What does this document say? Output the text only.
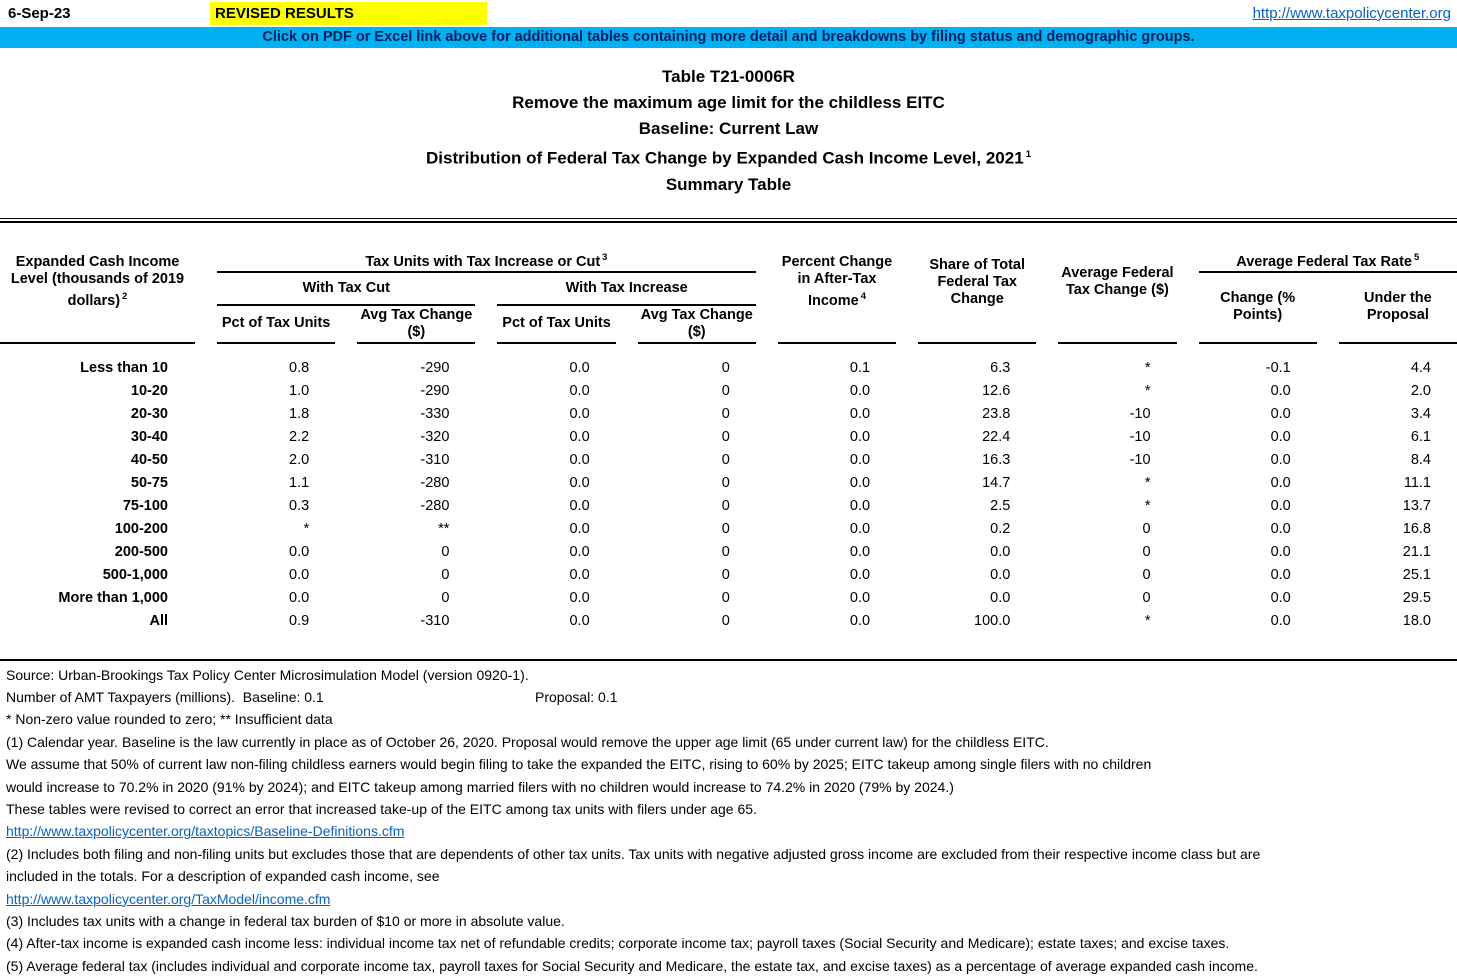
6-Sep-23	REVISED RESULTS	http://www.taxpolicycenter.org
Click on PDF or Excel link above for additional tables containing more detail and breakdowns by filing status and demographic groups.
Table T21-0006R
Remove the maximum age limit for the childless EITC
Baseline: Current Law
Distribution of Federal Tax Change by Expanded Cash Income Level, 2021 $^1$
Summary Table
Expanded Cash Income Level (thousands of 2019 dollars) $^2$	Tax Units with Tax Increase or Cut $^3$				Percent Change in After-Tax Income $^4$	Share of Total Federal Tax Change	Average Federal Tax Change ($)	Average Federal Tax Rate $^5$
	With Tax Cut		With Tax Increase					Change (% Points)	Under the Proposal
	Pct of Tax Units	Avg Tax Change ($)	Pct of Tax Units	Avg Tax Change ($)					
Less than 10	0.8	-290	0.0	0	0.1	6.3	*	-0.1	4.4
10-20	1.0	-290	0.0	0	0.0	12.6	*	0.0	2.0
20-30	1.8	-330	0.0	0	0.0	23.8	-10	0.0	3.4
30-40	2.2	-320	0.0	0	0.0	22.4	-10	0.0	6.1
40-50	2.0	-310	0.0	0	0.0	16.3	-10	0.0	8.4
50-75	1.1	-280	0.0	0	0.0	14.7	*	0.0	11.1
75-100	0.3	-280	0.0	0	0.0	2.5	*	0.0	13.7
100-200	*	**	0.0	0	0.0	0.2	0	0.0	16.8
200-500	0.0	0	0.0	0	0.0	0.0	0	0.0	21.1
500-1,000	0.0	0	0.0	0	0.0	0.0	0	0.0	25.1
More than 1,000	0.0	0	0.0	0	0.0	0.0	0	0.0	29.5
All	0.9	-310	0.0	0	0.0	100.0	*	0.0	18.0
Source: Urban-Brookings Tax Policy Center Microsimulation Model (version 0920-1).
Number of AMT Taxpayers (millions).  Baseline: 0.1	Proposal: 0.1
* Non-zero value rounded to zero; ** Insufficient data
(1) Calendar year. Baseline is the law currently in place as of October 26, 2020. Proposal would remove the upper age limit (65 under current law) for the childless EITC.
We assume that 50% of current law non-filing childless earners would begin filing to take the expanded the EITC, rising to 60% by 2025; EITC takeup among single filers with no children
would increase to 70.2% in 2020 (91% by 2024); and EITC takeup among married filers with no children would increase to 74.2% in 2020 (79% by 2024.)
These tables were revised to correct an error that increased take-up of the EITC among tax units with filers under age 65.
http://www.taxpolicycenter.org/taxtopics/Baseline-Definitions.cfm
(2) Includes both filing and non-filing units but excludes those that are dependents of other tax units. Tax units with negative adjusted gross income are excluded from their respective income class but are
included in the totals. For a description of expanded cash income, see
http://www.taxpolicycenter.org/TaxModel/income.cfm
(3) Includes tax units with a change in federal tax burden of $10 or more in absolute value.
(4) After-tax income is expanded cash income less: individual income tax net of refundable credits; corporate income tax; payroll taxes (Social Security and Medicare); estate taxes; and excise taxes.
(5) Average federal tax (includes individual and corporate income tax, payroll taxes for Social Security and Medicare, the estate tax, and excise taxes) as a percentage of average expanded cash income.
